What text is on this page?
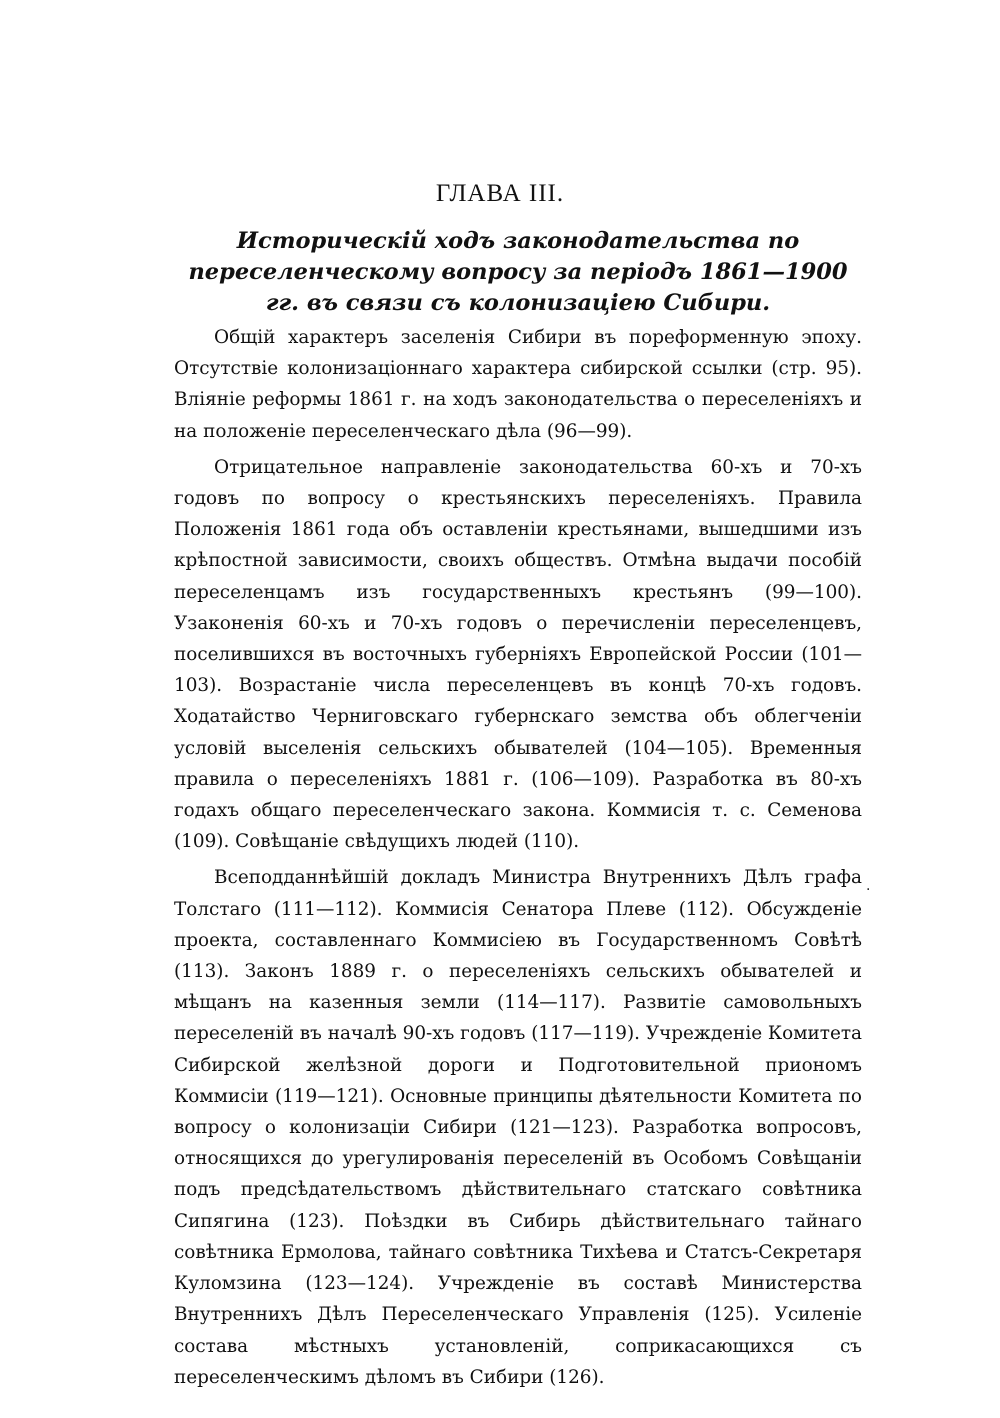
ГЛАВА III.
Историческій ходъ законодательства по переселенческому вопросу за періодъ 1861—1900 гг. въ связи съ колонизаціею Сибири.

Общій характеръ заселенія Сибири въ пореформенную эпоху. Отсутствіе колонизаціоннаго характера сибирской ссылки (стр. 95). Вліяніе реформы 1861 г. на ходъ законодательства о переселеніяхъ и на положеніе переселенческаго дѣла (96—99).

Отрицательное направленіе законодательства 60-хъ и 70-хъ годовъ по вопросу о крестьянскихъ переселеніяхъ. Правила Положенія 1861 года объ оставленіи крестьянами, вышедшими изъ крѣпостной зависимости, своихъ обществъ. Отмѣна выдачи пособій переселенцамъ изъ государственныхъ крестьянъ (99—100). Узаконенія 60-хъ и 70-хъ годовъ о перечисленіи переселенцевъ, поселившихся въ восточныхъ губерніяхъ Европейской России (101—103). Возрастаніе числа переселенцевъ въ концѣ 70-хъ годовъ. Ходатайство Черниговскаго губернскаго земства объ облегченіи условій выселенія сельскихъ обывателей (104—105). Временныя правила о переселеніяхъ 1881 г. (106—109). Разработка въ 80-хъ годахъ общаго переселенческаго закона. Коммисія т. с. Семенова (109). Совѣщаніе свѣдущихъ людей (110).

Всеподданнѣйшій докладъ Министра Внутреннихъ Дѣлъ графа Толстаго (111—112). Коммисія Сенатора Плеве (112). Обсужденіе проекта, составленнаго Коммисіею въ Государственномъ Совѣтѣ (113). Законъ 1889 г. о переселеніяхъ сельскихъ обывателей и мѣщанъ на казенныя земли (114—117). Развитіе самовольныхъ переселеній въ началѣ 90-хъ годовъ (117—119). Учрежденіе Комитета Сибирской желѣзной дороги и Подготовительной приономъ Коммисіи (119—121). Основные принципы дѣятельности Комитета по вопросу о колонизаціи Сибири (121—123). Разработка вопросовъ, относящихся до урегулированія переселеній въ Особомъ Совѣщаніи подъ предсѣдательствомъ дѣйствительнаго статскаго совѣтника Сипягина (123). Поѣздки въ Сибирь дѣйствительнаго тайнаго совѣтника Ермолова, тайнаго совѣтника Тихѣева и Статсъ-Секретаря Куломзина (123—124). Учрежденіе въ составѣ Министерства Внутреннихъ Дѣлъ Переселенческаго Управленія (125). Усиленіе состава мѣстныхъ установленій, соприкасающихся съ переселенческимъ дѣломъ въ Сибири (126).

·
